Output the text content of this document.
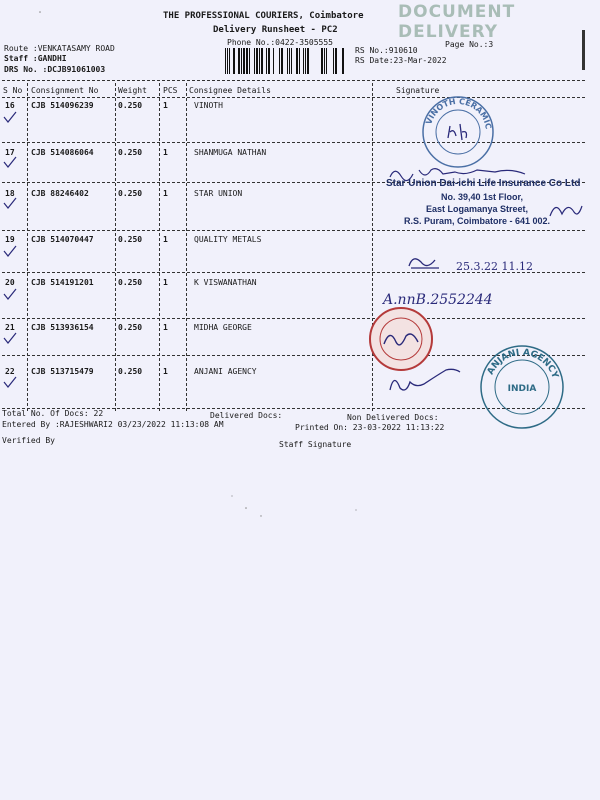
DOCUMENT DELIVERY
THE PROFESSIONAL COURIERS, Coimbatore
Delivery Runsheet - PC2
Phone No.:0422-3505555	Page No.:3
Route :VENKATASAMY ROAD
Staff :GANDHI
DRS No. :DCJB91061003
RS No.:910610
RS Date:23-Mar-2022
S No Consignment No Weight PCS Consignee Details	Signature
16 CJB 514096239	0.250	1	VINOTH
17 CJB 514086064	0.250	1	SHANMUGA NATHAN
18 CJB 88246402	0.250	1	STAR UNION
19 CJB 514070447	0.250	1	QUALITY METALS
20 CJB 514191201	0.250	1	K VISWANATHAN
21 CJB 513936154	0.250	1	MIDHA GEORGE
22 CJB 513715479	0.250	1	ANJANI AGENCY
VINOTH CERAMIC
Star Union Dai-ichi Life Insurance Co Ltd
No. 39,40 1st Floor,
East Logamanya Street,
R.S. Puram, Coimbatore - 641 002.
25.3.22 11.12
A.nnB.2552244
ANJANI AGENCY
INDIA
Total No. Of Docs: 22	Delivered Docs:	Non Delivered Docs:
Entered By :RAJESHWARI2 03/23/2022 11:13:08 AM	Printed On: 23-03-2022 11:13:22
Verified By	Staff Signature
